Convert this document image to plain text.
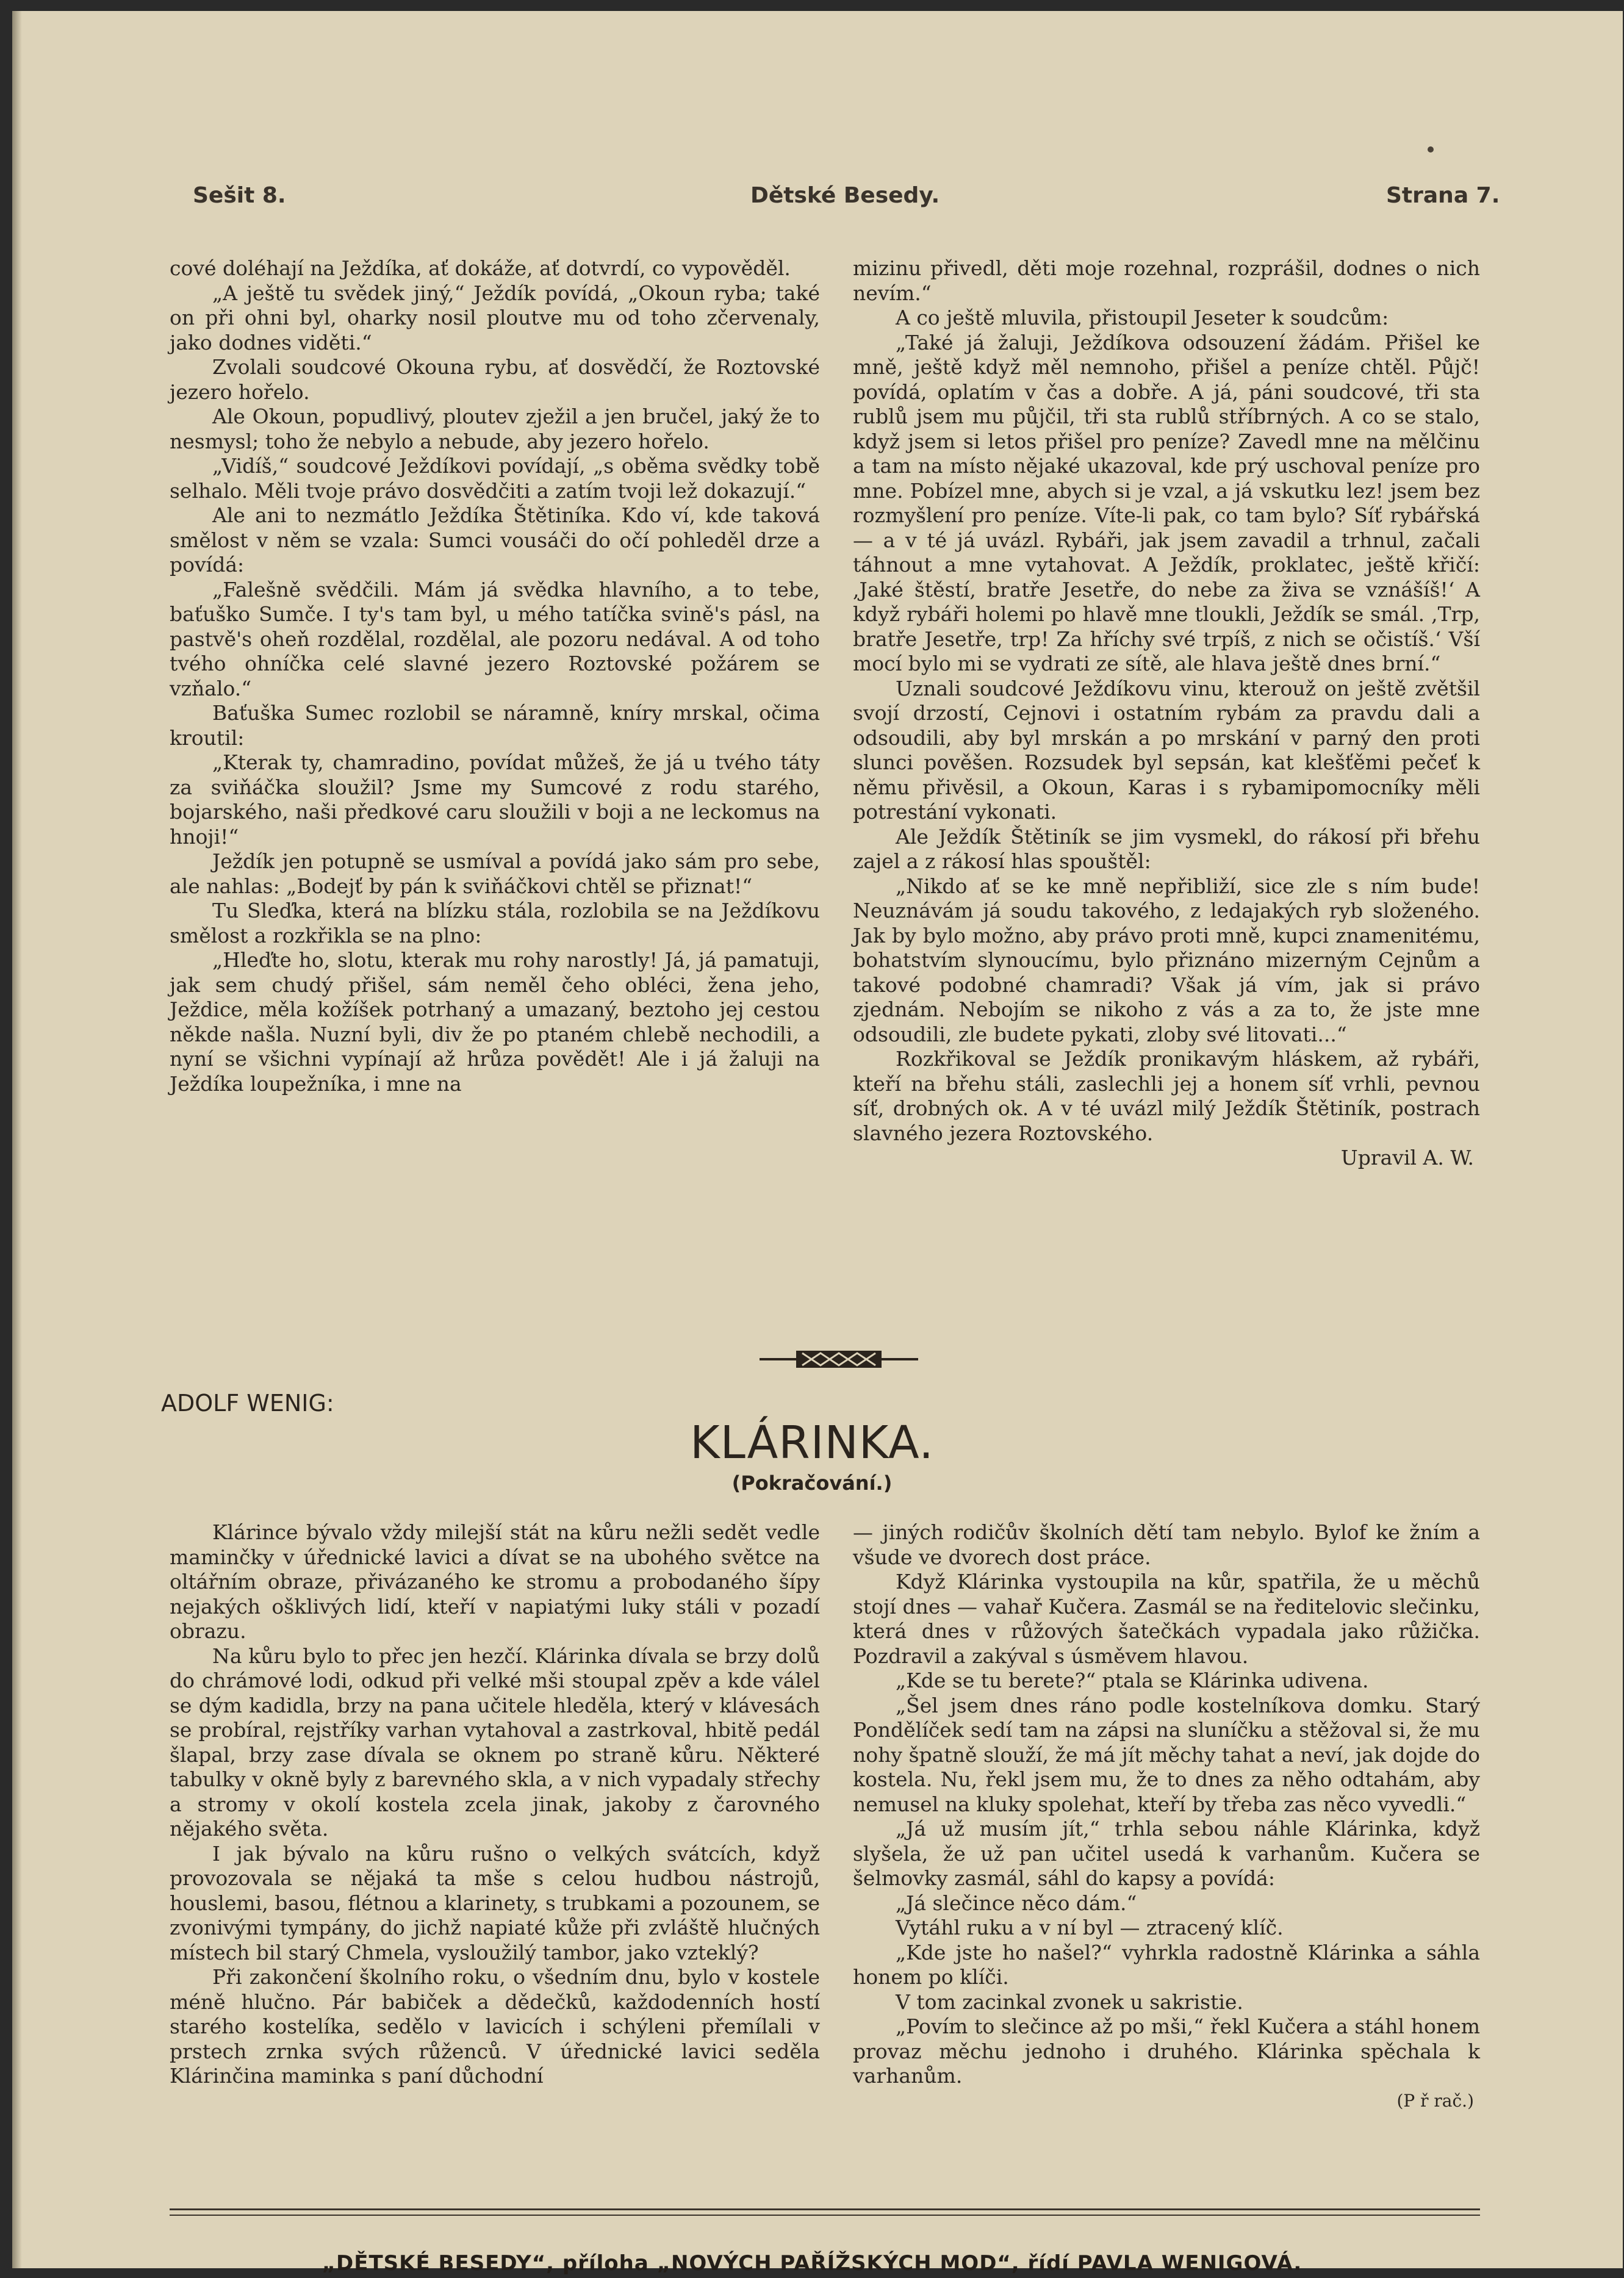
Sešit 8.	Dětské Besedy.	Strana 7.

cové doléhají na Ježdíka, ať dokáže, ať dotvrdí, co vypověděl.

„A ještě tu svědek jiný,“ Ježdík povídá, „Okoun ryba; také on při ohni byl, oharky nosil ploutve mu od toho zčervenaly, jako dodnes viděti.“

Zvolali soudcové Okouna rybu, ať dosvědčí, že Roztovské jezero hořelo.

Ale Okoun, popudlivý, ploutev zježil a jen bručel, jaký že to nesmysl; toho že nebylo a nebude, aby jezero hořelo.

„Vidíš,“ soudcové Ježdíkovi povídají, „s oběma svědky tobě selhalo. Měli tvoje právo dosvědčiti a zatím tvoji lež dokazují.“

Ale ani to nezmátlo Ježdíka Štětiníka. Kdo ví, kde taková smělost v něm se vzala: Sumci vousáči do očí pohleděl drze a povídá:

„Falešně svědčili. Mám já svědka hlavního, a to tebe, baťuško Sumče. I ty's tam byl, u mého tatíčka svině's pásl, na pastvě's oheň rozdělal, rozdělal, ale pozoru nedával. A od toho tvého ohníčka celé slavné jezero Roztovské požárem se vzňalo.“

Baťuška Sumec rozlobil se náramně, kníry mrskal, očima kroutil:

„Kterak ty, chamradino, povídat můžeš, že já u tvého táty za sviňáčka sloužil? Jsme my Sumcové z rodu starého, bojarského, naši předkové caru sloužili v boji a ne leckomus na hnoji!“

Ježdík jen potupně se usmíval a povídá jako sám pro sebe, ale nahlas: „Bodejť by pán k sviňáčkovi chtěl se přiznat!“

Tu Sleďka, která na blízku stála, rozlobila se na Ježdíkovu smělost a rozkřikla se na plno:

„Hleďte ho, slotu, kterak mu rohy narostly! Já, já pamatuji, jak sem chudý přišel, sám neměl čeho obléci, žena jeho, Ježdice, měla kožíšek potrhaný a umazaný, beztoho jej cestou někde našla. Nuzní byli, div že po ptaném chlebě nechodili, a nyní se všichni vypínají až hrůza povědět! Ale i já žaluji na Ježdíka loupežníka, i mne na

mizinu přivedl, děti moje rozehnal, rozprášil, dodnes o nich nevím.“

A co ještě mluvila, přistoupil Jeseter k soudcům:

„Také já žaluji, Ježdíkova odsouzení žádám. Přišel ke mně, ještě když měl nemnoho, přišel a peníze chtěl. Půjč! povídá, oplatím v čas a dobře. A já, páni soudcové, tři sta rublů jsem mu půjčil, tři sta rublů stříbrných. A co se stalo, když jsem si letos přišel pro peníze? Zavedl mne na mělčinu a tam na místo nějaké ukazoval, kde prý uschoval peníze pro mne. Pobízel mne, abych si je vzal, a já vskutku lez! jsem bez rozmyšlení pro peníze. Víte-li pak, co tam bylo? Síť rybářská — a v té já uvázl. Rybáři, jak jsem zavadil a trhnul, začali táhnout a mne vytahovat. A Ježdík, proklatec, ještě křičí: ,Jaké štěstí, bratře Jesetře, do nebe za živa se vznášíš!‘ A když rybáři holemi po hlavě mne tloukli, Ježdík se smál. ,Trp, bratře Jesetře, trp! Za hříchy své trpíš, z nich se očistíš.‘ Vší mocí bylo mi se vydrati ze sítě, ale hlava ještě dnes brní.“

Uznali soudcové Ježdíkovu vinu, kterouž on ještě zvětšil svojí drzostí, Cejnovi i ostatním rybám za pravdu dali a odsoudili, aby byl mrskán a po mrskání v parný den proti slunci pověšen. Rozsudek byl sepsán, kat klešťěmi pečeť k němu přivěsil, a Okoun, Karas i s rybamipomocníky měli potrestání vykonati.

Ale Ježdík Štětiník se jim vysmekl, do rákosí při břehu zajel a z rákosí hlas spouštěl:

„Nikdo ať se ke mně nepřibliží, sice zle s ním bude! Neuznávám já soudu takového, z ledajakých ryb složeného. Jak by bylo možno, aby právo proti mně, kupci znamenitému, bohatstvím slynoucímu, bylo přiznáno mizerným Cejnům a takové podobné chamradi? Však já vím, jak si právo zjednám. Nebojím se nikoho z vás a za to, že jste mne odsoudili, zle budete pykati, zloby své litovati...“

Rozkřikoval se Ježdík pronikavým hláskem, až rybáři, kteří na břehu stáli, zaslechli jej a honem síť vrhli, pevnou síť, drobných ok. A v té uvázl milý Ježdík Štětiník, postrach slavného jezera Roztovského.

Upravil A. W.

ADOLF WENIG:
KLÁRINKA.
(Pokračování.)

Klárince bývalo vždy milejší stát na kůru nežli sedět vedle maminčky v úřednické lavici a dívat se na ubohého světce na oltářním obraze, přivázaného ke stromu a probodaného šípy nejakých ošklivých lidí, kteří v napiatými luky stáli v pozadí obrazu.

Na kůru bylo to přec jen hezčí. Klárinka dívala se brzy dolů do chrámové lodi, odkud při velké mši stoupal zpěv a kde válel se dým kadidla, brzy na pana učitele hleděla, který v klávesách se probíral, rejstříky varhan vytahoval a zastrkoval, hbitě pedál šlapal, brzy zase dívala se oknem po straně kůru. Některé tabulky v okně byly z barevného skla, a v nich vypadaly střechy a stromy v okolí kostela zcela jinak, jakoby z čarovného nějakého světa.

I jak bývalo na kůru rušno o velkých svátcích, když provozovala se nějaká ta mše s celou hudbou nástrojů, houslemi, basou, flétnou a klarinety, s trubkami a pozounem, se zvonivými tympány, do jichž napiaté kůže při zvláště hlučných místech bil starý Chmela, vysloužilý tambor, jako vzteklý?

Při zakončení školního roku, o všedním dnu, bylo v kostele méně hlučno. Pár babiček a dědečků, každodenních hostí starého kostelíka, sedělo v lavicích i schýleni přemílali v prstech zrnka svých růženců. V úřednické lavici seděla Klárinčina maminka s paní důchodní

— jiných rodičův školních dětí tam nebylo. Bylof ke žním a všude ve dvorech dost práce.

Když Klárinka vystoupila na kůr, spatřila, že u měchů stojí dnes — vahař Kučera. Zasmál se na ředitelovic slečinku, která dnes v růžových šatečkách vypadala jako růžička. Pozdravil a zakýval s úsměvem hlavou.

„Kde se tu berete?“ ptala se Klárinka udivena.

„Šel jsem dnes ráno podle kostelníkova domku. Starý Pondělíček sedí tam na zápsi na sluníčku a stěžoval si, že mu nohy špatně slouží, že má jít měchy tahat a neví, jak dojde do kostela. Nu, řekl jsem mu, že to dnes za něho odtahám, aby nemusel na kluky spolehat, kteří by třeba zas něco vyvedli.“

„Já už musím jít,“ trhla sebou náhle Klárinka, když slyšela, že už pan učitel usedá k varhanům. Kučera se šelmovky zasmál, sáhl do kapsy a povídá:

„Já slečince něco dám.“

Vytáhl ruku a v ní byl — ztracený klíč.

„Kde jste ho našel?“ vyhrkla radostně Klárinka a sáhla honem po klíči.

V tom zacinkal zvonek u sakristie.

„Povím to slečince až po mši,“ řekl Kučera a stáhl honem provaz měchu jednoho i druhého. Klárinka spěchala k varhanům.

(P ř rač.)

„DĚTSKÉ BESEDY“, příloha „NOVÝCH PAŘÍŽSKÝCH MOD“, řídí PAVLA WENIGOVÁ.
